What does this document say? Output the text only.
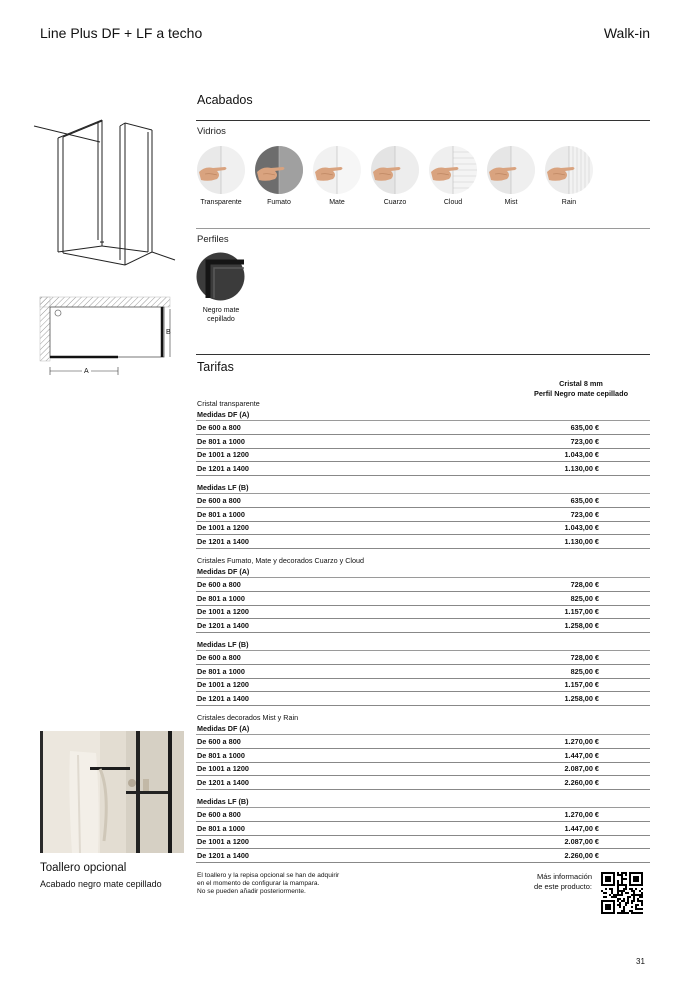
Line Plus DF + LF a techo	Walk-in
B
A
Acabados
Vidrios
Transparente	Fumato	Mate	Cuarzo	Cloud	Mist	Rain
Perfiles
Negro mate
cepillado
Tarifas
Cristal 8 mm
Perfil Negro mate cepillado
Cristal transparente
Medidas DF (A)
De 600 a 800	635,00 €
De 801 a 1000	723,00 €
De 1001 a 1200	1.043,00 €
De 1201 a 1400	1.130,00 €
Medidas LF (B)
De 600 a 800	635,00 €
De 801 a 1000	723,00 €
De 1001 a 1200	1.043,00 €
De 1201 a 1400	1.130,00 €
Cristales Fumato, Mate y decorados Cuarzo y Cloud
Medidas DF (A)
De 600 a 800	728,00 €
De 801 a 1000	825,00 €
De 1001 a 1200	1.157,00 €
De 1201 a 1400	1.258,00 €
Medidas LF (B)
De 600 a 800	728,00 €
De 801 a 1000	825,00 €
De 1001 a 1200	1.157,00 €
De 1201 a 1400	1.258,00 €
Cristales decorados Mist y Rain
Medidas DF (A)
De 600 a 800	1.270,00 €
De 801 a 1000	1.447,00 €
De 1001 a 1200	2.087,00 €
De 1201 a 1400	2.260,00 €
Medidas LF (B)
De 600 a 800	1.270,00 €
De 801 a 1000	1.447,00 €
De 1001 a 1200	2.087,00 €
De 1201 a 1400	2.260,00 €
Toallero opcional
Acabado negro mate cepillado
El toallero y la repisa opcional se han de adquirir
en el momento de configurar la mampara.
No se pueden añadir posteriormente.
Más información
de este producto:
31
